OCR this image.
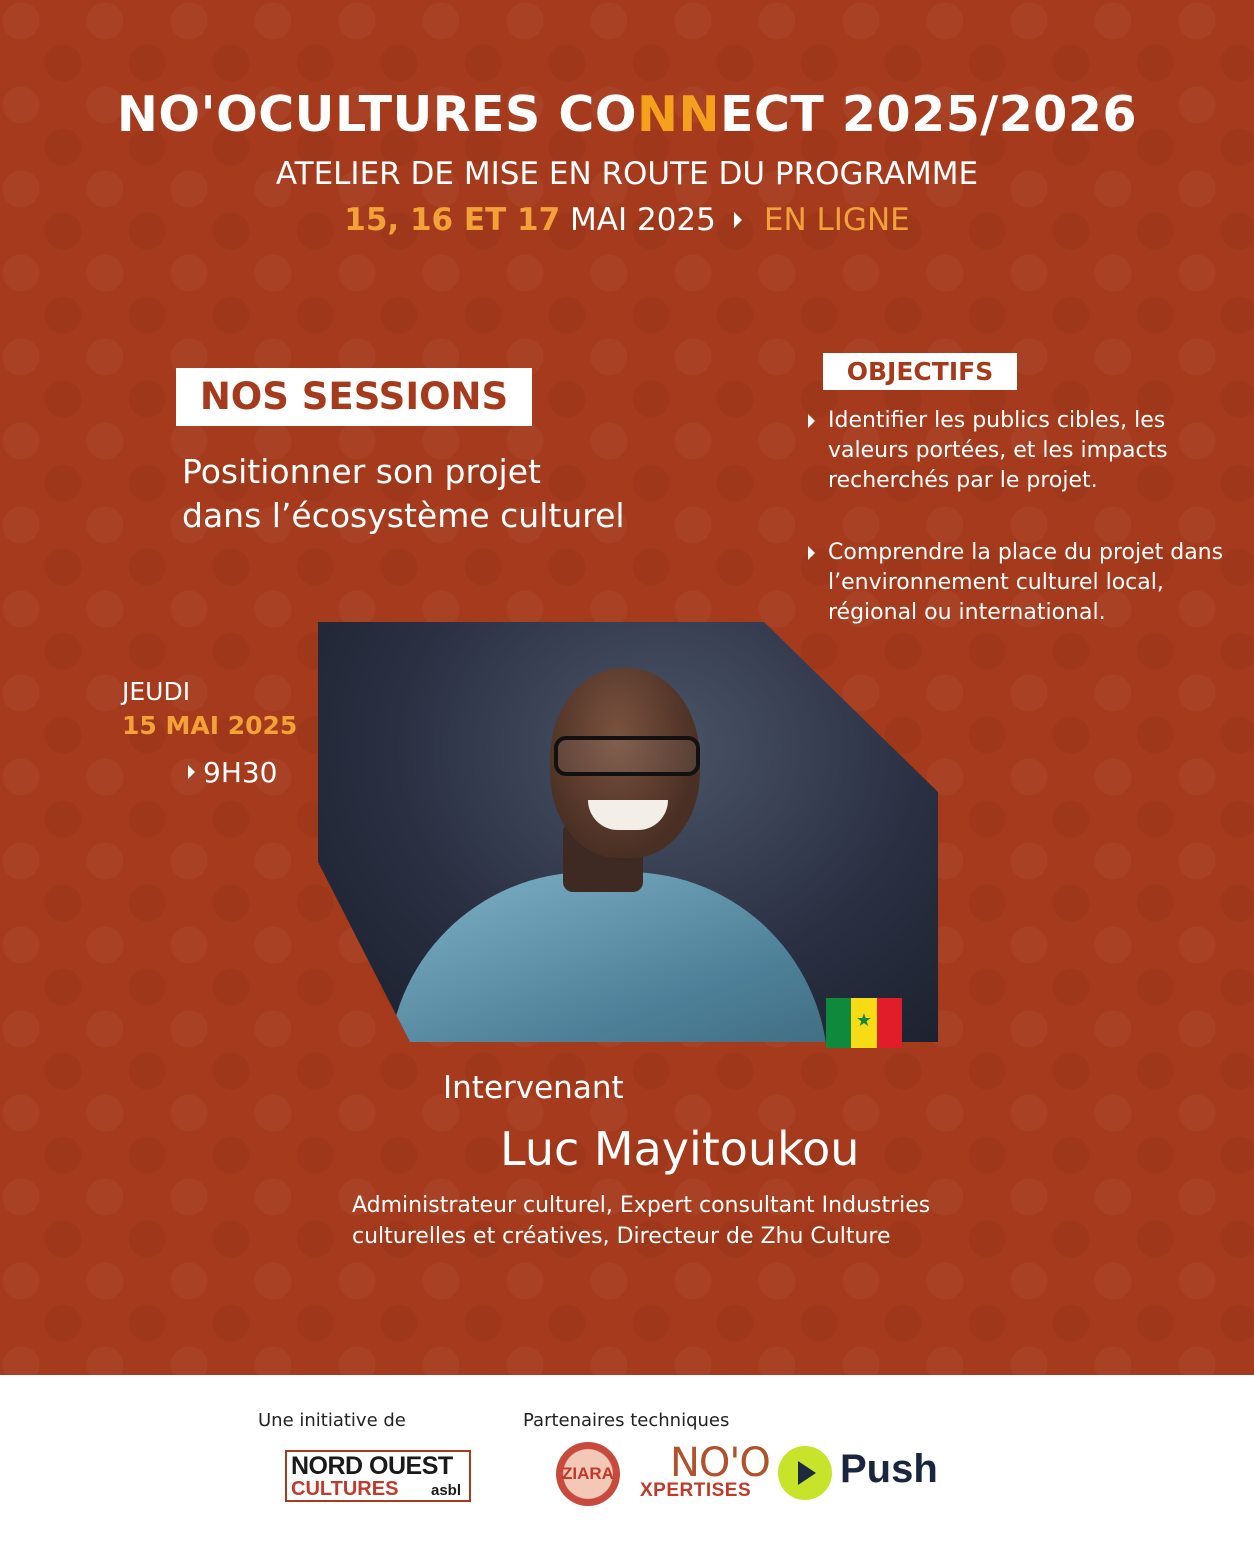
NO'OCULTURES CONNECT 2025/2026
ATELIER DE MISE EN ROUTE DU PROGRAMME
15, 16 ET 17 MAI 2025 EN LIGNE
NOS SESSIONS
Positionner son projet
dans l’écosystème culturel
OBJECTIFS
Identifier les publics cibles, les valeurs portées, et les impacts recherchés par le projet.
Comprendre la place du projet dans l’environnement culturel local, régional ou international.
JEUDI
15 MAI 2025
9H30
★
Intervenant
Luc Mayitoukou
Administrateur culturel, Expert consultant Industries
culturelles et créatives, Directeur de Zhu Culture
Une initiative de	Partenaires techniques
NORD OUEST
CULTURES asbl
ZIARA NO'O
XPERTISES Push
